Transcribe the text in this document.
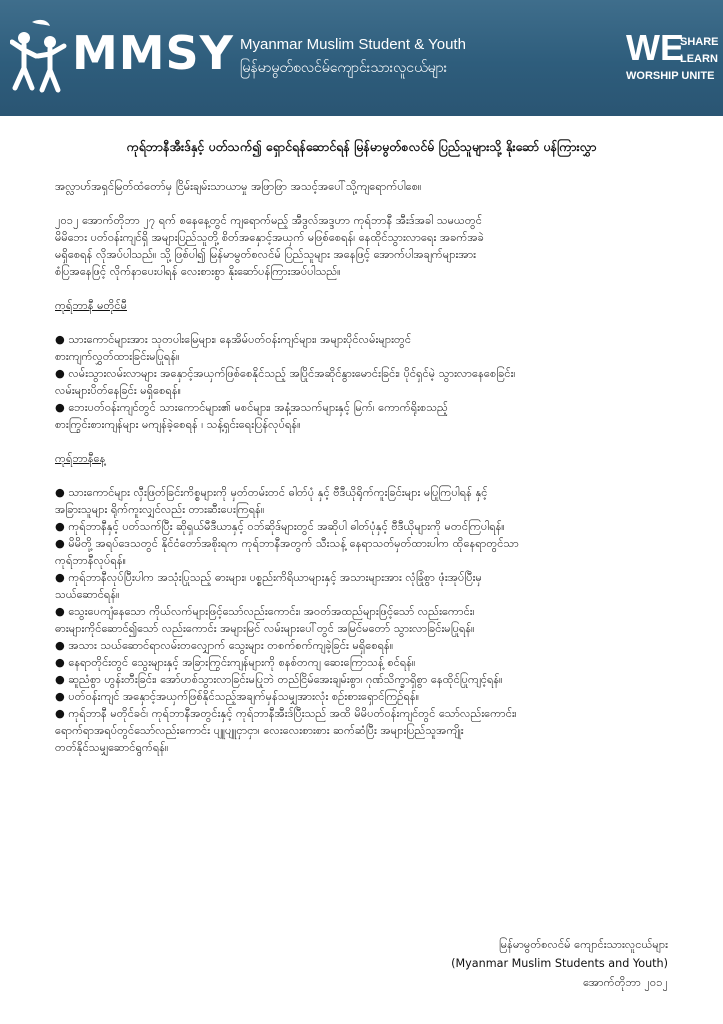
MMSY Myanmar Muslim Student & Youth
မြန်မာမွတ်စလင်မ်ကျောင်းသားလူငယ်များ	WE
SHARE
LEARN
WORSHIP UNITE
ကုရ်ဘာနီအီးဒ်နှင့် ပတ်သက်၍ ရှောင်ရန်ဆောင်ရန် မြန်မာမွတ်စလင်မ် ပြည်သူများသို့ နိုးဆော် ပန်ကြားလွှာ

အလ္လာဟ်အရှင်မြတ်ထံတော်မှ ငြိမ်းချမ်းသာယာမှု အဖြာဖြာ အသင့်အပေါ်သို့ကျရောက်ပါစေ။

၂၀၁၂ အောက်တိုဘာ ၂၇ ရက် စနေနေ့တွင် ကျရောက်မည့် အီဒွလ်အဒ္ဒဟာ ကုရ်ဘာနီ အီးဒ်အခါ သမယတွင်

မိမိဘေး ပတ်ဝန်းကျင်ရှိ အများပြည်သူတို့ စိတ်အနှောင့်အယှက် မဖြစ်စေရန်၊ နေထိုင်သွားလာရေး အခက်အခဲ

မရှိစေရန် လိုအပ်ပါသည်။ သို့ ဖြစ်ပါ၍ မြန်မာမွတ်စလင်မ် ပြည်သူများ အနေဖြင့် အောက်ပါအချက်များအား

စံပြအနေဖြင့် လိုက်နာပေးပါရန် လေးစားစွာ နိုးဆော်ပန်ကြားအပ်ပါသည်။

ကုရ်ဘာနီ မတိုင်မီ

● သားကောင်များအား သုတပါးမြေများ၊ နေအိမ်ပတ်ဝန်းကျင်များ၊ အများပိုင်လမ်းများတွင်

စားကျက်လွှတ်ထားခြင်းမပြုရန်။

● လမ်းသွားလမ်းလာများ အနှောင့်အယှက်ဖြစ်စေနိုင်သည့် အပြိုင်အဆိုင်နွားမောင်းခြင်း၊ ပိုင်ရှင်မဲ့ သွားလာနေစေခြင်း၊

လမ်းများပိတ်နေခြင်း မရှိစေရန်။

● ဘေးပတ်ဝန်းကျင်တွင် သားကောင်များ၏ မစင်များ၊ အနံ့အသက်များနှင့် မြက်၊ ကောက်ရိုးစသည့်

စားကြွင်းစားကျန်များ မကျန်ခဲ့စေရန် ၊ သန့်ရှင်းရေးပြန်လုပ်ရန်။

ကုရ်ဘာနီနေ့

● သားကောင်များ လှီးဖြတ်ခြင်းကိစ္စများကို မှတ်တမ်းတင် ဓါတ်ပုံ နှင့် ဗီဒီယိုရိုက်ကူးခြင်းများ မပြုကြပါရန် နှင့်

အခြားသူများ ရိုက်ကူးလျှင်လည်း တားဆီးပေးကြရန်။

● ကုရ်ဘာနီနှင့် ပတ်သက်ပြီး ဆိုရှယ်မီဒီယာနှင့် ဝဘ်ဆိုဒ်များတွင် အဆိုပါ ဓါတ်ပုံနှင့် ဗီဒီယိုများကို မတင်ကြပါရန်။

● မိမိတို့ အရပ်ဒေသတွင် နိုင်ငံတော်အစိုးရက ကုရ်ဘာနီအတွက် သီးသန့် နေရာသတ်မှတ်ထားပါက ထိုနေရာတွင်သာ

ကုရ်ဘာနီလုပ်ရန်။

● ကုရ်ဘာနီလုပ်ပြီးပါက အသုံးပြုသည့် ဓားများ၊ ပစ္စည်းကိရိယာများနှင့် အသားများအား လုံခြုံစွာ ဖုံးအုပ်ပြီးမှ

သယ်ဆောင်ရန်။

● သွေးပေကျံနေသော ကိုယ်လက်များဖြင့်သော်လည်းကောင်း၊ အဝတ်အထည်များဖြင့်သော် လည်းကောင်း၊

ဓားများကိုင်ဆောင်၍သော် လည်းကောင်း အများမြင် လမ်းများပေါ်တွင် အမြင်မတော် သွားလာခြင်းမပြုရန်။

● အသား သယ်ဆောင်ရာလမ်းတလျှောက် သွေးများ တစက်စက်ကျခဲ့ခြင်း မရှိစေရန်။

● နေရာတိုင်းတွင် သွေးများနှင့် အခြားကြွင်းကျန်များကို စနစ်တကျ ဆေးကြောသန့် စင်ရန်။

● ဆူညံစွာ ဟွန်းတီးခြင်း၊ အော်ဟစ်သွားလာခြင်းမပြုဘဲ တည်ငြိမ်အေးချမ်းစွာ၊ ဂုဏ်သိက္ခာရှိစွာ နေထိုင်ပြုကျင့်ရန်။

● ပတ်ဝန်းကျင် အနှောင့်အယှက်ဖြစ်နိုင်သည့်အချက်မှန်သမျှအားလုံး စဉ်းစားရှောင်ကြဉ်ရန်။

● ကုရ်ဘာနီ မတိုင်ခင်၊ ကုရ်ဘာနီအတွင်းနှင့် ကုရ်ဘာနီအီးဒ်ပြီးသည် အထိ မိမိပတ်ဝန်းကျင်တွင် သော်လည်းကောင်း၊

ရောက်ရာအရပ်တွင်သော်လည်းကောင်း ပျူပျူငှာငှာ၊ လေးလေးစားစား ဆက်ဆံပြီး အများပြည်သူအကျိုး

တတ်နိုင်သမျှဆောင်ရွက်ရန်။

မြန်မာမွတ်စလင်မ် ကျောင်းသားလူငယ်များ
(Myanmar Muslim Students and Youth)
အောက်တိုဘာ ၂၀၁၂
